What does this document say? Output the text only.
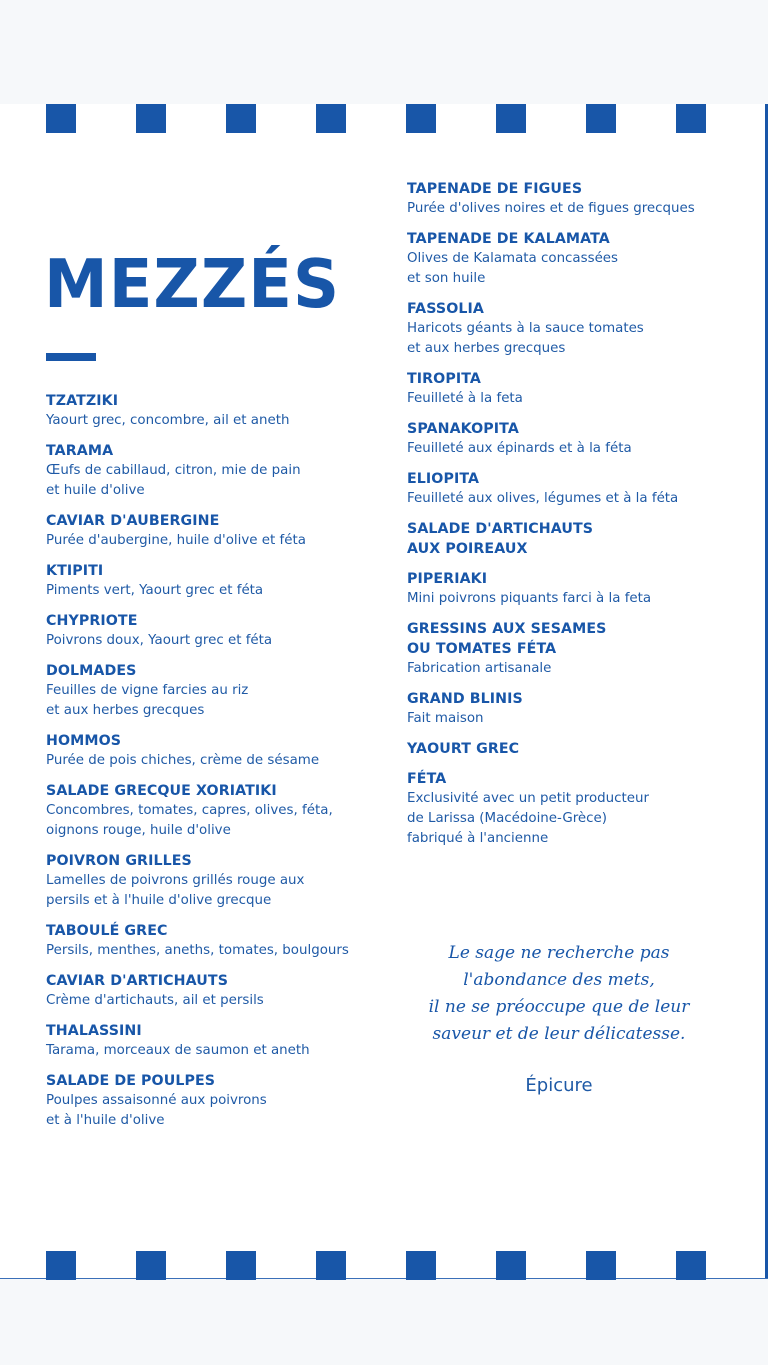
MEZZÉS
TZATZIKI
Yaourt grec, concombre, ail et aneth
TARAMA
Œufs de cabillaud, citron, mie de pain
et huile d'olive
CAVIAR D'AUBERGINE
Purée d'aubergine, huile d'olive et féta
KTIPITI
Piments vert, Yaourt grec et féta
CHYPRIOTE
Poivrons doux, Yaourt grec et féta
DOLMADES
Feuilles de vigne farcies au riz
et aux herbes grecques
HOMMOS
Purée de pois chiches, crème de sésame
SALADE GRECQUE XORIATIKI
Concombres, tomates, capres, olives, féta,
oignons rouge, huile d'olive
POIVRON GRILLES
Lamelles de poivrons grillés rouge aux
persils et à l'huile d'olive grecque
TABOULÉ GREC
Persils, menthes, aneths, tomates, boulgours
CAVIAR D'ARTICHAUTS
Crème d'artichauts, ail et persils
THALASSINI
Tarama, morceaux de saumon et aneth
SALADE DE POULPES
Poulpes assaisonné aux poivrons
et à l'huile d'olive
TAPENADE DE FIGUES
Purée d'olives noires et de figues grecques
TAPENADE DE KALAMATA
Olives de Kalamata concassées
et son huile
FASSOLIA
Haricots géants à la sauce tomates
et aux herbes grecques
TIROPITA
Feuilleté à la feta
SPANAKOPITA
Feuilleté aux épinards et à la féta
ELIOPITA
Feuilleté aux olives, légumes et à la féta
SALADE D'ARTICHAUTS
AUX POIREAUX
PIPERIAKI
Mini poivrons piquants farci à la feta
GRESSINS AUX SESAMES
OU TOMATES FÉTA
Fabrication artisanale
GRAND BLINIS
Fait maison
YAOURT GREC
FÉTA
Exclusivité avec un petit producteur
de Larissa (Macédoine-Grèce)
fabriqué à l'ancienne
Le sage ne recherche pas
l'abondance des mets,
il ne se préoccupe que de leur
saveur et de leur délicatesse.
Épicure
